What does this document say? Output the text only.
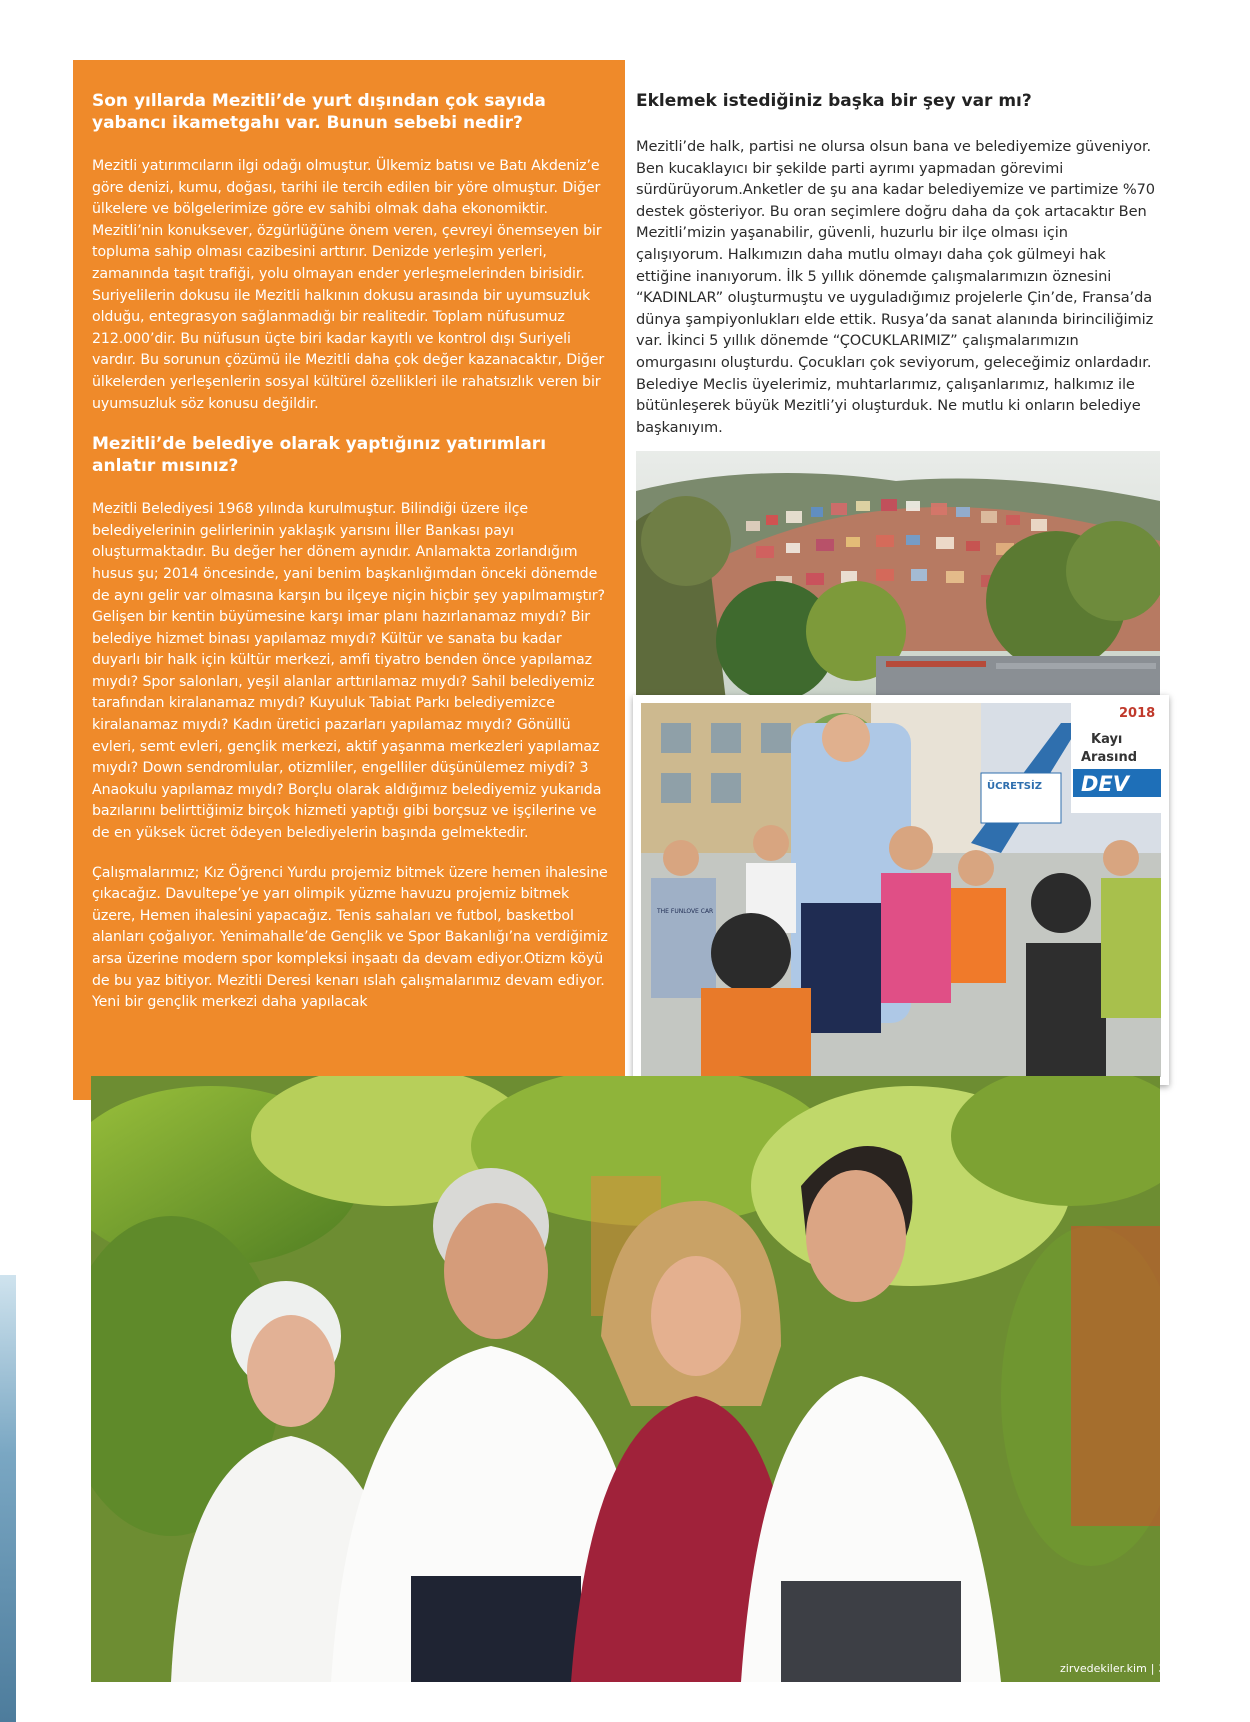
Son yıllarda Mezitli’de yurt dışından çok sayıda yabancı ikametgahı var. Bunun sebebi nedir?

Mezitli yatırımcıların ilgi odağı olmuştur. Ülkemiz batısı ve Batı Akdeniz’e göre denizi, kumu, doğası, tarihi ile tercih edilen bir yöre olmuştur. Diğer ülkelere ve bölgelerimize göre ev sahibi olmak daha ekonomiktir. Mezitli’nin konuksever, özgürlüğüne önem veren, çevreyi önemseyen bir topluma sahip olması cazibesini arttırır. Denizde yerleşim yerleri, zamanında taşıt trafiği, yolu olmayan ender yerleşmelerinden birisidir. Suriyelilerin dokusu ile Mezitli halkının dokusu arasında bir uyumsuzluk olduğu, entegrasyon sağlanmadığı bir realitedir. Toplam nüfusumuz 212.000’dir. Bu nüfusun üçte biri kadar kayıtlı ve kontrol dışı Suriyeli vardır. Bu sorunun çözümü ile Mezitli daha çok değer kazanacaktır, Diğer ülkelerden yerleşenlerin sosyal kültürel özellikleri ile rahatsızlık veren bir uyumsuzluk söz konusu değildir.

Mezitli’de belediye olarak yaptığınız yatırımları anlatır mısınız?

Mezitli Belediyesi 1968 yılında kurulmuştur. Bilindiği üzere ilçe belediyelerinin gelirlerinin yaklaşık yarısını İller Bankası payı oluşturmaktadır. Bu değer her dönem aynıdır. Anlamakta zorlandığım husus şu; 2014 öncesinde, yani benim başkanlığımdan önceki dönemde de aynı gelir var olmasına karşın bu ilçeye niçin hiçbir şey yapılmamıştır? Gelişen bir kentin büyümesine karşı imar planı hazırlanamaz mıydı? Bir belediye hizmet binası yapılamaz mıydı? Kültür ve sanata bu kadar duyarlı bir halk için kültür merkezi, amfi tiyatro benden önce yapılamaz mıydı? Spor salonları, yeşil alanlar arttırılamaz mıydı? Sahil belediyemiz tarafından kiralanamaz mıydı? Kuyuluk Tabiat Parkı belediyemizce kiralanamaz mıydı? Kadın üretici pazarları yapılamaz mıydı? Gönüllü evleri, semt evleri, gençlik merkezi, aktif yaşanma merkezleri yapılamaz mıydı? Down sendromlular, otizmliler, engelliler düşünülemez miydi? 3 Anaokulu yapılamaz mıydı? Borçlu olarak aldığımız belediyemiz yukarıda bazılarını belirttiğimiz birçok hizmeti yaptığı gibi borçsuz ve işçilerine ve de en yüksek ücret ödeyen belediyelerin başında gelmektedir.

Çalışmalarımız; Kız Öğrenci Yurdu projemiz bitmek üzere hemen ihalesine çıkacağız. Davultepe’ye yarı olimpik yüzme havuzu projemiz bitmek üzere, Hemen ihalesini yapacağız. Tenis sahaları ve futbol, basketbol alanları çoğalıyor. Yenimahalle’de Gençlik ve Spor Bakanlığı’na verdiğimiz arsa üzerine modern spor kompleksi inşaatı da devam ediyor.Otizm köyü de bu yaz bitiyor. Mezitli Deresi kenarı ıslah çalışmalarımız devam ediyor. Yeni bir gençlik merkezi daha yapılacak

Eklemek istediğiniz başka bir şey var mı?

Mezitli’de halk, partisi ne olursa olsun bana ve belediyemize güveniyor. Ben kucaklayıcı bir şekilde parti ayrımı yapmadan görevimi sürdürüyorum.Anketler de şu ana kadar belediyemize ve partimize %70 destek gösteriyor. Bu oran seçimlere doğru daha da çok artacaktır Ben Mezitli’mizin yaşanabilir, güvenli, huzurlu bir ilçe olması için çalışıyorum. Halkımızın daha mutlu olmayı daha çok gülmeyi hak ettiğine inanıyorum. İlk 5 yıllık dönemde çalışmalarımızın öznesini “KADINLAR” oluşturmuştu ve uyguladığımız projelerle Çin’de, Fransa’da dünya şampiyonlukları elde ettik. Rusya’da sanat alanında birinciliğimiz var. İkinci 5 yıllık dönemde “ÇOCUKLARIMIZ” çalışmalarımızın omurgasını oluşturdu. Çocukları çok seviyorum, geleceğimiz onlardadır. Belediye Meclis üyelerimiz, muhtarlarımız, çalışanlarımız, halkımız ile bütünleşerek büyük Mezitli’yi oluşturduk. Ne mutlu ki onların belediye başkanıyım.

2018
Kayı
Arasınd
DEV
ÜCRETSİZ
THE FUNLOVE CAR
zirvedekiler.kim | 35
